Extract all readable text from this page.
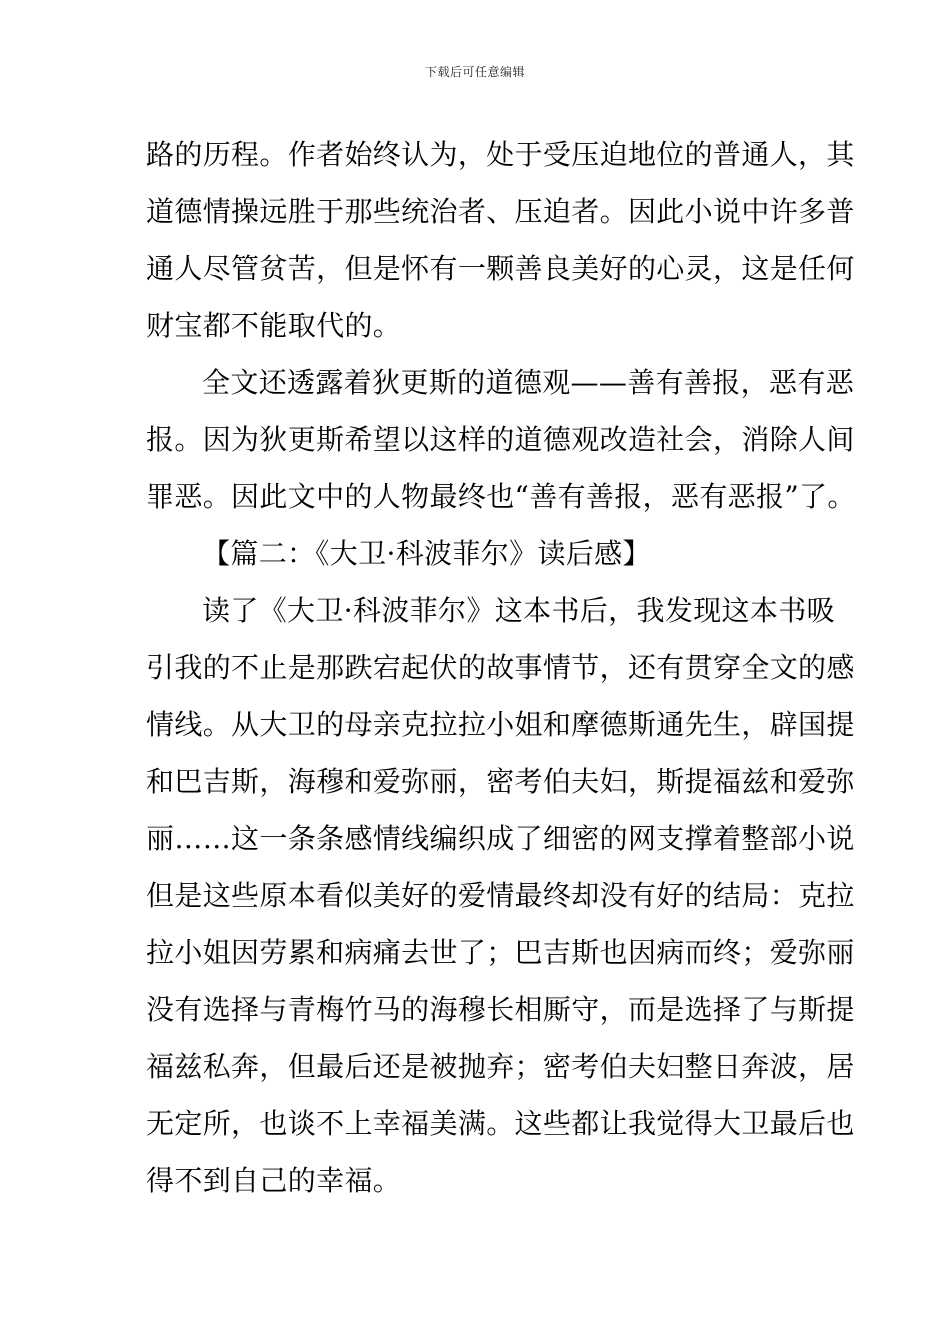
下载后可任意编辑
路的历程。作者始终认为，处于受压迫地位的普通人，其
道德情操远胜于那些统治者、压迫者。因此小说中许多普
通人尽管贫苦，但是怀有一颗善良美好的心灵，这是任何
财宝都不能取代的。
全文还透露着狄更斯的道德观——善有善报，恶有恶
报。因为狄更斯希望以这样的道德观改造社会，消除人间
罪恶。因此文中的人物最终也“善有善报，恶有恶报”了。
【篇二：《大卫·科波菲尔》读后感】
读了《大卫·科波菲尔》这本书后，我发现这本书吸
引我的不止是那跌宕起伏的故事情节，还有贯穿全文的感
情线。从大卫的母亲克拉拉小姐和摩德斯通先生，辟国提
和巴吉斯，海穆和爱弥丽，密考伯夫妇，斯提福兹和爱弥
丽……这一条条感情线编织成了细密的网支撑着整部小说
但是这些原本看似美好的爱情最终却没有好的结局：克拉
拉小姐因劳累和病痛去世了；巴吉斯也因病而终；爱弥丽
没有选择与青梅竹马的海穆长相厮守，而是选择了与斯提
福兹私奔，但最后还是被抛弃；密考伯夫妇整日奔波，居
无定所，也谈不上幸福美满。这些都让我觉得大卫最后也
得不到自己的幸福。
